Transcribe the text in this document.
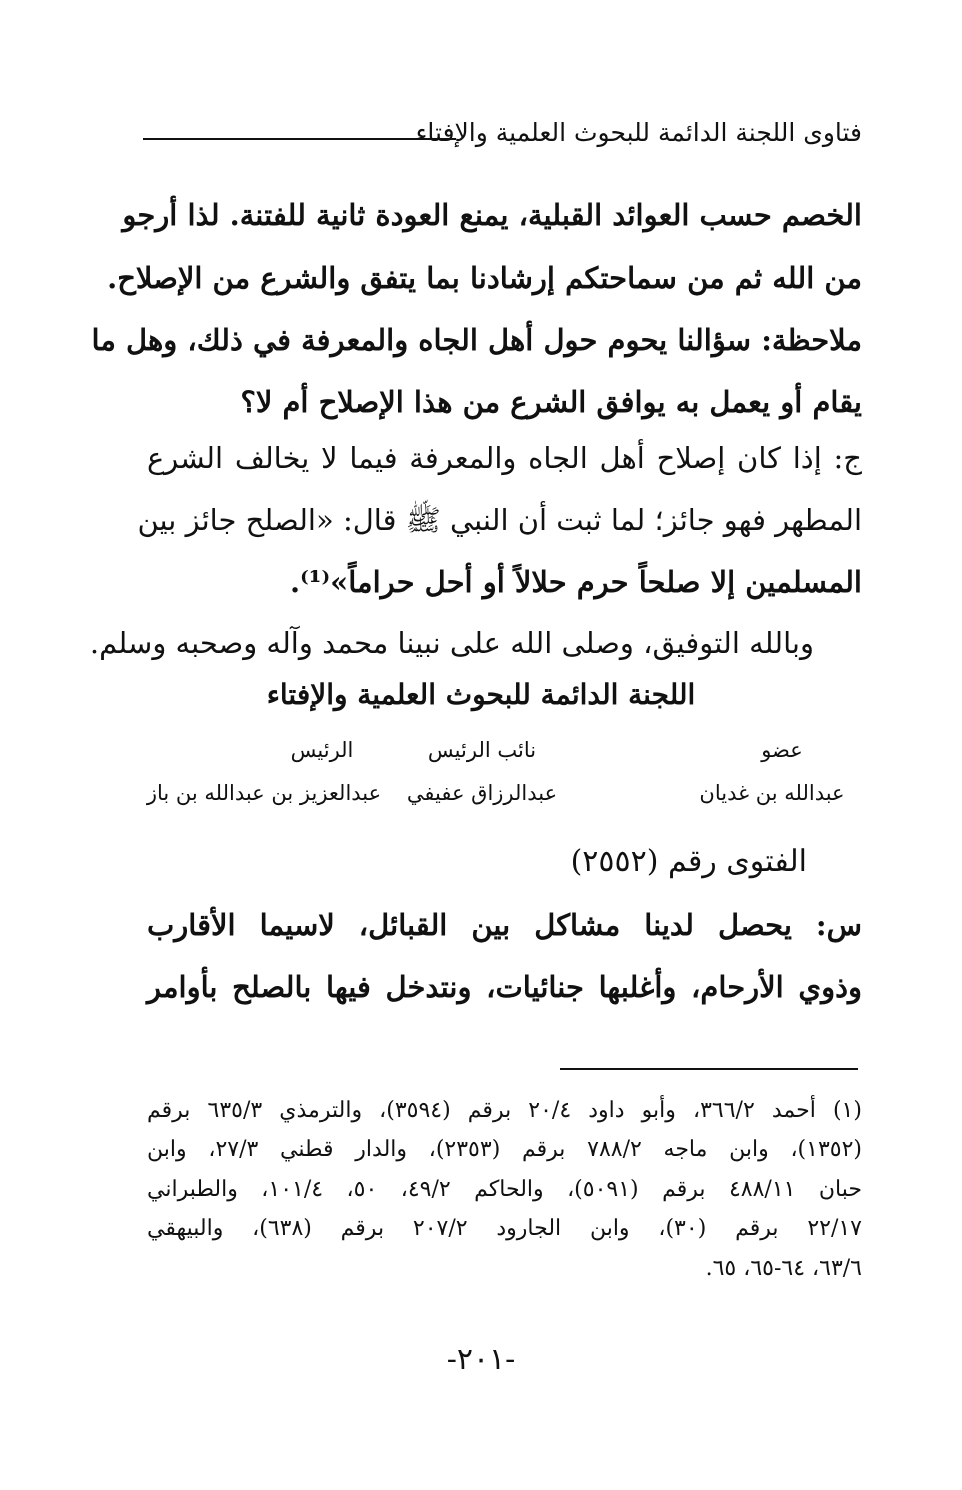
فتاوى اللجنة الدائمة للبحوث العلمية والإفتاء
الخصم حسب العوائد القبلية، يمنع العودة ثانية للفتنة. لذا أرجو
من الله ثم من سماحتكم إرشادنا بما يتفق والشرع من الإصلاح.
ملاحظة: سؤالنا يحوم حول أهل الجاه والمعرفة في ذلك، وهل ما
يقام أو يعمل به يوافق الشرع من هذا الإصلاح أم لا؟
ج: إذا كان إصلاح أهل الجاه والمعرفة فيما لا يخالف الشرع
المطهر فهو جائز؛ لما ثبت أن النبي ﷺ قال: «الصلح جائز بين
المسلمين إلا صلحاً حرم حلالاً أو أحل حراماً»⁽¹⁾.
وبالله التوفيق، وصلى الله على نبينا محمد وآله وصحبه وسلم.
اللجنة الدائمة للبحوث العلمية والإفتاء
عضو
نائب الرئيس
الرئيس
عبدالله بن غديان
عبدالرزاق عفيفي
عبدالعزيز بن عبدالله بن باز
الفتوى رقم (٢٥٥٢)
س: يحصل لدينا مشاكل بين القبائل، لاسيما الأقارب
وذوي الأرحام، وأغلبها جنائيات، ونتدخل فيها بالصلح بأوامر
(١) أحمد ٣٦٦/٢، وأبو داود ٢٠/٤ برقم (٣٥٩٤)، والترمذي ٦٣٥/٣ برقم
(١٣٥٢)، وابن ماجه ٧٨٨/٢ برقم (٢٣٥٣)، والدار قطني ٢٧/٣، وابن
حبان ٤٨٨/١١ برقم (٥٠٩١)، والحاكم ٤٩/٢، ٥٠، ١٠١/٤، والطبراني
٢٢/١٧ برقم (٣٠)، وابن الجارود ٢٠٧/٢ برقم (٦٣٨)، والبيهقي
٦٣/٦، ٦٤-٦٥، ٦٥.
-٢٠١-
